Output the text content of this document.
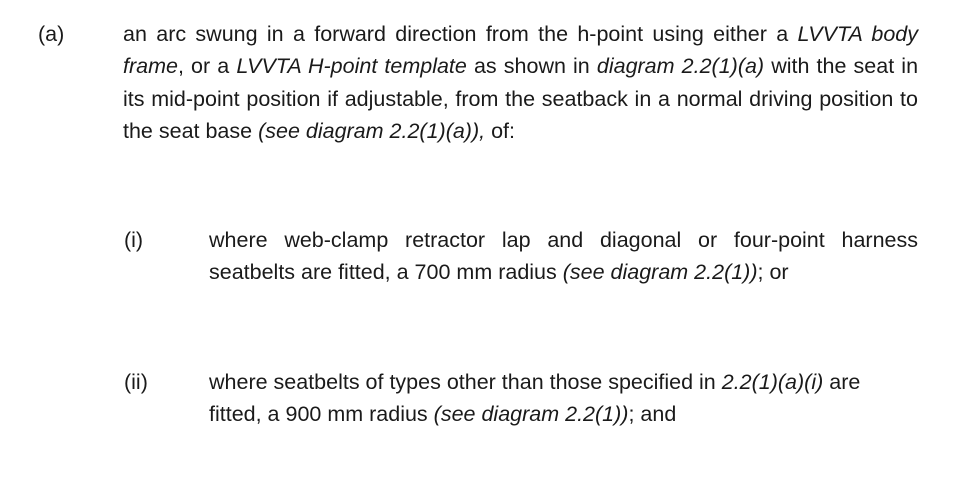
(a)	an arc swung in a forward direction from the h-point using either a LVVTA body frame, or a LVVTA H-point template as shown in diagram 2.2(1)(a) with the seat in its mid-point position if adjustable, from the seatback in a normal driving position to the seat base (see diagram 2.2(1)(a)), of:
(i)	where web-clamp retractor lap and diagonal or four-point harness seatbelts are fitted, a 700 mm radius (see diagram 2.2(1)); or
(ii)	where seatbelts of types other than those specified in 2.2(1)(a)(i) are fitted, a 900 mm radius (see diagram 2.2(1)); and
